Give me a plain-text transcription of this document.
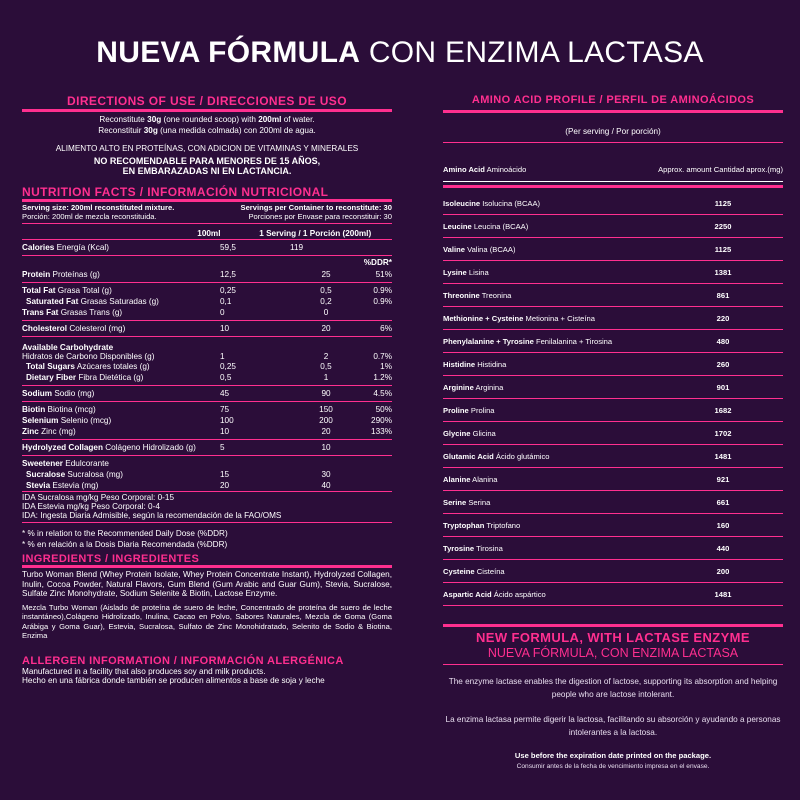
NUEVA FÓRMULA CON ENZIMA LACTASA
DIRECTIONS OF USE / DIRECCIONES DE USO
Reconstitute 30g (one rounded scoop) with 200ml of water.
Reconstituir 30g (una medida colmada) con 200ml de agua.
ALIMENTO ALTO EN PROTEÍNAS, CON ADICION DE VITAMINAS Y MINERALES
NO RECOMENDABLE PARA MENORES DE 15 AÑOS,
EN EMBARAZADAS NI EN LACTANCIA.
NUTRITION FACTS / INFORMACIÓN NUTRICIONAL
Serving size: 200ml reconstituted mixture.	Servings per Container to reconstitute: 30
Porción: 200ml de mezcla reconstituida.	Porciones por Envase para reconstituir: 30
100ml	1 Serving / 1 Porción (200ml)
Calories Energía (Kcal)	59,5	119
%DDR*
Protein Proteínas (g)	12,5	25	51%
Total Fat Grasa Total (g)	0,25	0,5	0.9%
Saturated Fat Grasas Saturadas (g)	0,1	0,2	0.9%
Trans Fat Grasas Trans (g)	0	0
Cholesterol Colesterol (mg)	10	20	6%
Available Carbohydrate
Hidratos de Carbono Disponibles (g)	1	2	0.7%
Total Sugars Azúcares totales (g)	0,25	0,5	1%
Dietary Fiber Fibra Dietética (g)	0,5	1	1.2%
Sodium Sodio (mg)	45	90	4.5%
Biotin Biotina (mcg)	75	150	50%
Selenium Selenio (mcg)	100	200	290%
Zinc Zinc (mg)	10	20	133%
Hydrolyzed Collagen Colágeno Hidrolizado (g)	5	10
Sweetener Edulcorante
Sucralose Sucralosa (mg)	15	30
Stevia Estevia (mg)	20	40
IDA Sucralosa mg/kg Peso Corporal: 0-15
IDA Estevia mg/kg Peso Corporal: 0-4
IDA: Ingesta Diaria Admisible, según la recomendación de la FAO/OMS
* % in relation to the Recommended Daily Dose (%DDR)
* % en relación a la Dosis Diaria Recomendada (%DDR)
INGREDIENTS / INGREDIENTES
Turbo Woman Blend (Whey Protein Isolate, Whey Protein Concentrate Instant), Hydrolyzed Collagen, Inulin, Cocoa Powder, Natural Flavors, Gum Blend (Gum Arabic and Guar Gum), Stevia, Sucralose, Sulfate Zinc Monohydrate, Sodium Selenite & Biotin, Lactose Enzyme.
Mezcla Turbo Woman (Aislado de proteína de suero de leche, Concentrado de proteína de suero de leche instantáneo),Colágeno Hidrolizado, Inulina, Cacao en Polvo, Sabores Naturales, Mezcla de Goma (Goma Arábiga y Goma Guar), Estevia, Sucralosa, Sulfato de Zinc Monohidratado, Selenito de Sodio & Biotina, Enzima
ALLERGEN INFORMATION / INFORMACIÓN ALERGÉNICA
Manufactured in a facility that also produces soy and milk products.
Hecho en una fábrica donde también se producen alimentos a base de soja y leche
AMINO ACID PROFILE / PERFIL DE AMINOÁCIDOS
(Per serving / Por porción)
Amino Acid Aminoácido	Approx. amount Cantidad aprox.(mg)
Isoleucine Isolucina (BCAA)	1125
Leucine Leucina (BCAA)	2250
Valine Valina (BCAA)	1125
Lysine Lisina	1381
Threonine Treonina	861
Methionine + Cysteine Metionina + Cisteína	220
Phenylalanine + Tyrosine Fenilalanina + Tirosina	480
Histidine Histidina	260
Arginine Arginina	901
Proline Prolina	1682
Glycine Glicina	1702
Glutamic Acid Ácido glutámico	1481
Alanine Alanina	921
Serine Serina	661
Tryptophan Triptofano	160
Tyrosine Tirosina	440
Cysteine Cisteína	200
Aspartic Acid Ácido aspártico	1481
NEW FORMULA, WITH LACTASE ENZYME
NUEVA FÓRMULA, CON ENZIMA LACTASA

The enzyme lactase enables the digestion of lactose, supporting its absorption and helping people who are lactose intolerant.

La enzima lactasa permite digerir la lactosa, facilitando su absorción y ayudando a personas intolerantes a la lactosa.

Use before the expiration date printed on the package.

Consumir antes de la fecha de vencimiento impresa en el envase.
